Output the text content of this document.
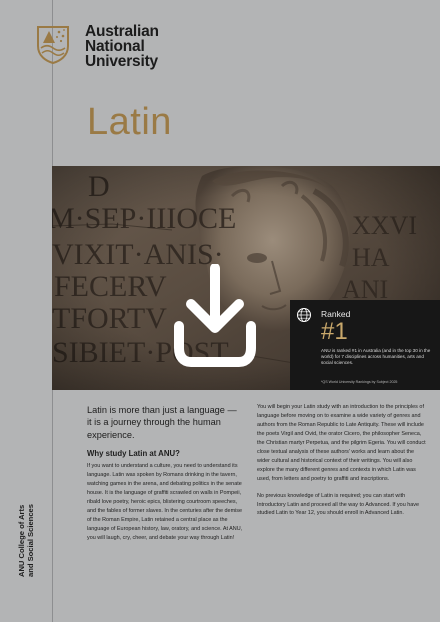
Australian
National
University
Latin
Ranked
#1
ANU is ranked #1 in Australia (and in the top 30 in the world) for 7 disciplines across humanities, arts and social sciences.
*QS World University Rankings by Subject 2025
ANU College of Arts
and Social Sciences
Latin is more than just a language — it is a journey through the human experience.
Why study Latin at ANU?
If you want to understand a culture, you need to understand its language. Latin was spoken by Romans drinking in the tavern, watching games in the arena, and debating politics in the senate house. It is the language of graffiti scrawled on walls in Pompeii, ribald love poetry, heroic epics, blistering courtroom speeches, and the fables of former slaves. In the centuries after the demise of the Roman Empire, Latin retained a central place as the language of European history, law, oratory, and science. At ANU, you will laugh, cry, cheer, and debate your way through Latin!
You will begin your Latin study with an introduction to the principles of language before moving on to examine a wide variety of genres and authors from the Roman Republic to Late Antiquity. These will include the poets Virgil and Ovid, the orator Cicero, the philosopher Seneca, the Christian martyr Perpetua, and the pilgrim Egeria. You will conduct close textual analysis of these authors' works and learn about the wider cultural and historical context of their writings. You will also explore the many different genres and contexts in which Latin was used, from letters and poetry to graffiti and inscriptions.
No previous knowledge of Latin is required; you can start with Introductory Latin and proceed all the way to Advanced. If you have studied Latin to Year 12, you should enroll in Advanced Latin.
